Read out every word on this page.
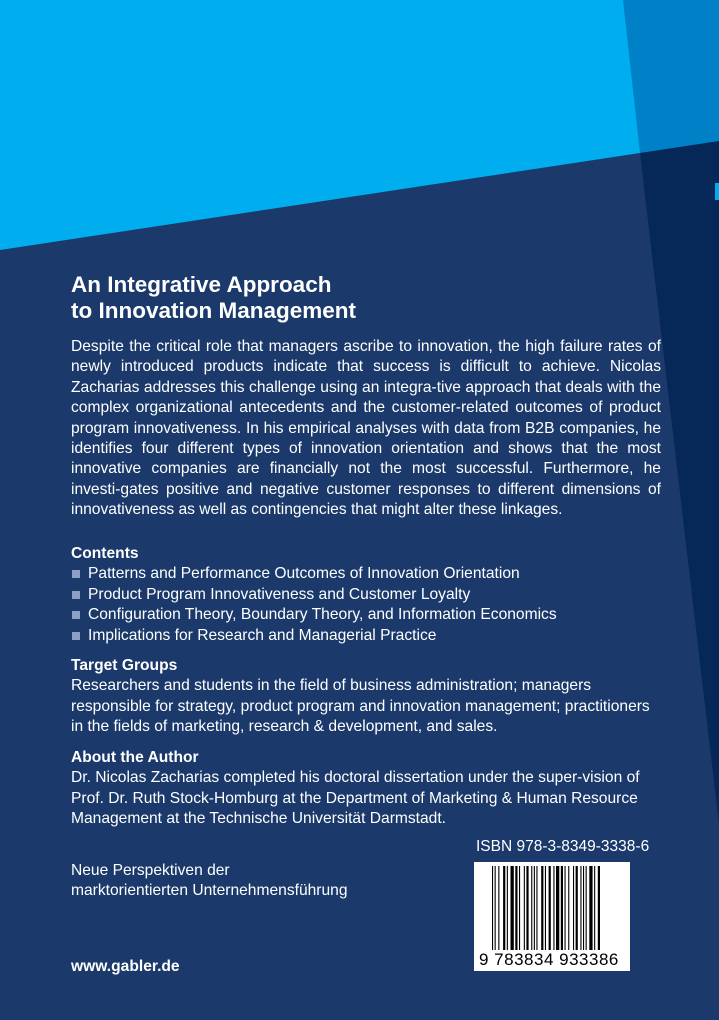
An Integrative Approach
to Innovation Management

Despite the critical role that managers ascribe to innovation, the high failure rates of newly introduced products indicate that success is difficult to achieve. Nicolas Zacharias addresses this challenge using an integra-tive approach that deals with the complex organizational antecedents and the customer-related outcomes of product program innovativeness. In his empirical analyses with data from B2B companies, he identifies four different types of innovation orientation and shows that the most innovative companies are financially not the most successful. Furthermore, he investi-gates positive and negative customer responses to different dimensions of innovativeness as well as contingencies that might alter these linkages.

Contents

Patterns and Performance Outcomes of Innovation Orientation
Product Program Innovativeness and Customer Loyalty
Configuration Theory, Boundary Theory, and Information Economics
Implications for Research and Managerial Practice

Target Groups

Researchers and students in the field of business administration; managers responsible for strategy, product program and innovation management; practitioners in the fields of marketing, research & development, and sales.

About the Author

Dr. Nicolas Zacharias completed his doctoral dissertation under the super-vision of Prof. Dr. Ruth Stock-Homburg at the Department of Marketing & Human Resource Management at the Technische Universität Darmstadt.

Neue Perspektiven der
marktorientierten Unternehmensführung
www.gabler.de
ISBN 978-3-8349-3338-6
9 783834 933386
